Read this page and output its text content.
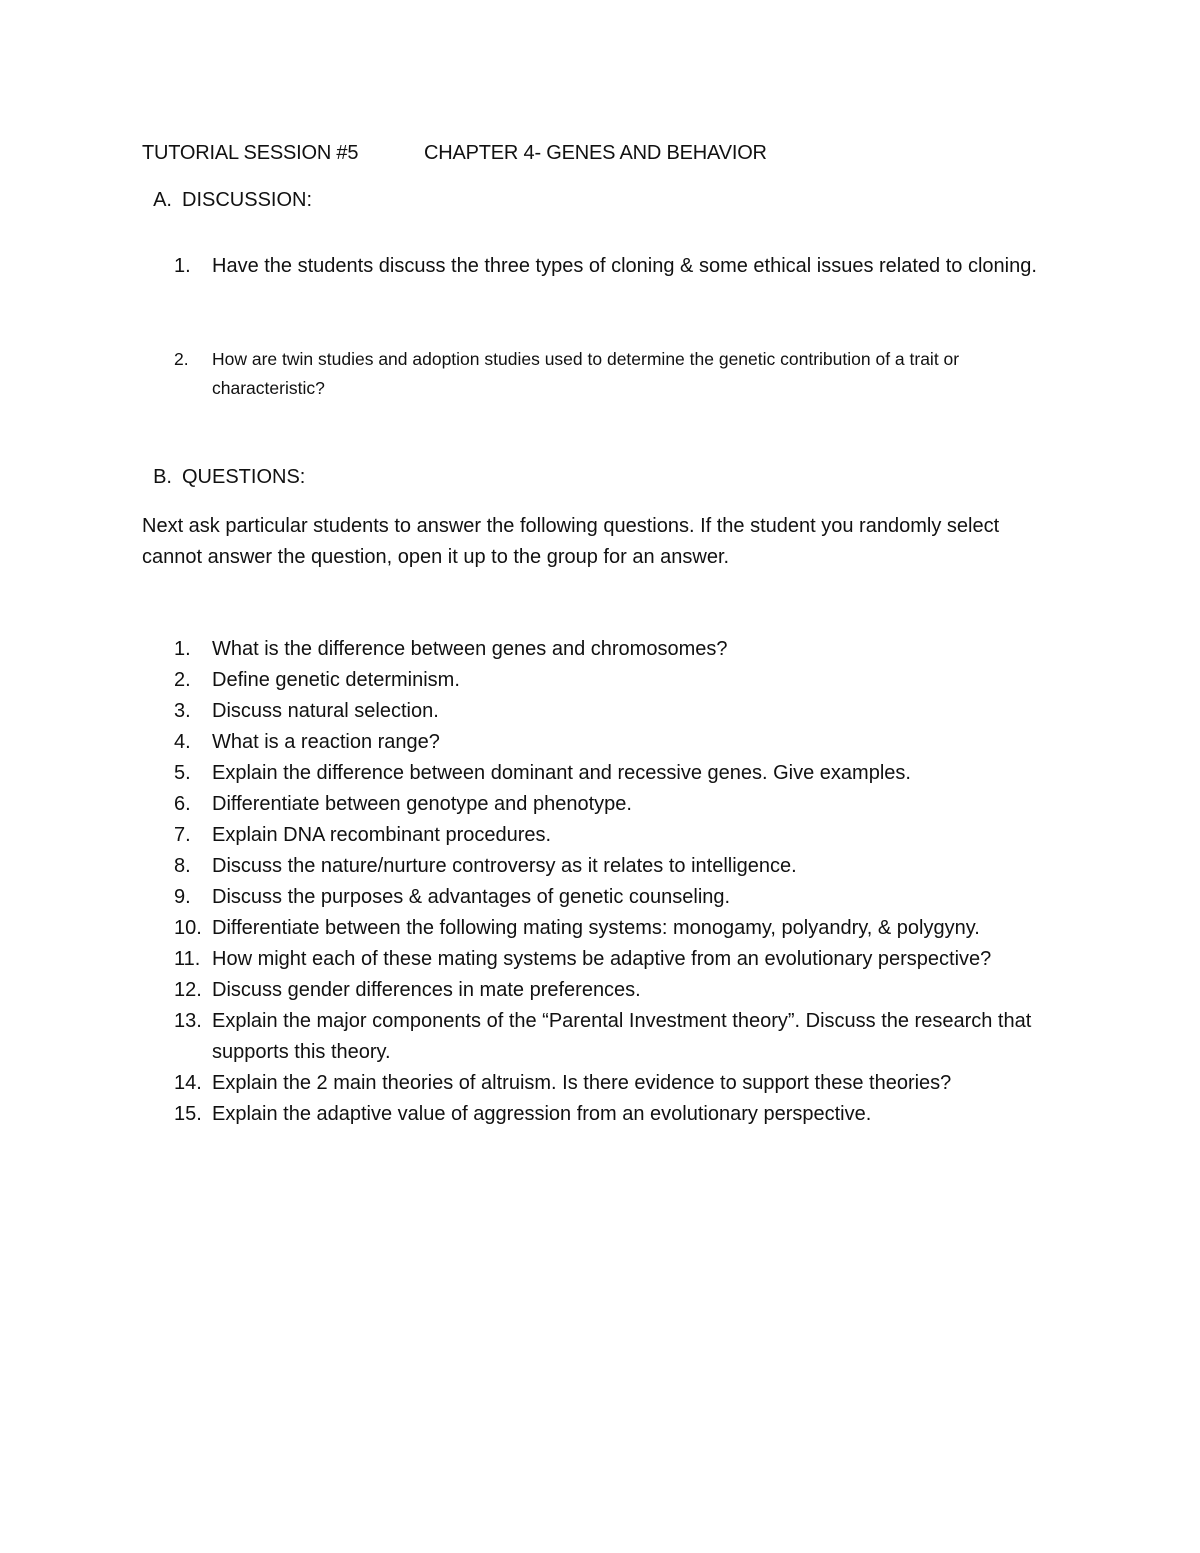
TUTORIAL SESSION #5	CHAPTER 4- GENES AND BEHAVIOR
A. DISCUSSION:
1. Have the students discuss the three types of cloning & some ethical issues related to cloning.
2. How are twin studies and adoption studies used to determine the genetic contribution of a trait or characteristic?
B. QUESTIONS:
Next ask particular students to answer the following questions. If the student you randomly select cannot answer the question, open it up to the group for an answer.
1. What is the difference between genes and chromosomes?
2. Define genetic determinism.
3. Discuss natural selection.
4. What is a reaction range?
5. Explain the difference between dominant and recessive genes. Give examples.
6. Differentiate between genotype and phenotype.
7. Explain DNA recombinant procedures.
8. Discuss the nature/nurture controversy as it relates to intelligence.
9. Discuss the purposes & advantages of genetic counseling.
10. Differentiate between the following mating systems: monogamy, polyandry, & polygyny.
11. How might each of these mating systems be adaptive from an evolutionary perspective?
12. Discuss gender differences in mate preferences.
13. Explain the major components of the “Parental Investment theory”. Discuss the research that supports this theory.
14. Explain the 2 main theories of altruism. Is there evidence to support these theories?
15. Explain the adaptive value of aggression from an evolutionary perspective.
